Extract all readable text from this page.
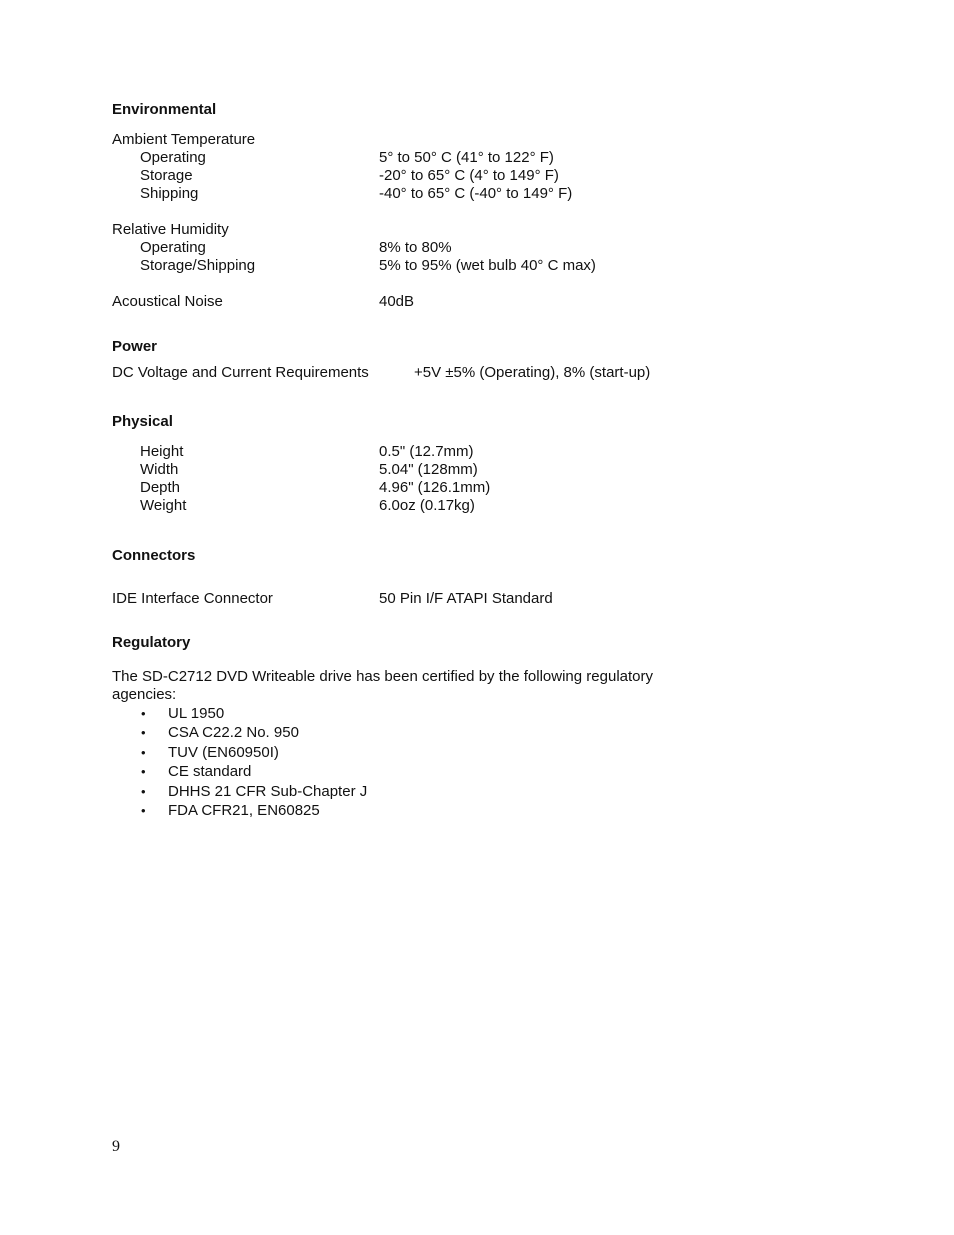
Environmental
Ambient Temperature
Operating	5° to 50° C (41° to 122° F)
Storage	-20° to 65° C (4° to 149° F)
Shipping	-40° to 65° C (-40° to 149° F)
Relative Humidity
Operating	8% to 80%
Storage/Shipping	5% to 95% (wet bulb 40° C max)
Acoustical Noise	40dB
Power
DC Voltage and Current Requirements	+5V ±5% (Operating), 8% (start-up)
Physical
Height	0.5" (12.7mm)
Width	5.04" (128mm)
Depth	4.96" (126.1mm)
Weight	6.0oz (0.17kg)
Connectors
IDE Interface Connector	50 Pin I/F ATAPI Standard
Regulatory
The SD-C2712 DVD Writeable drive has been certified by the following regulatory agencies:
• UL 1950
• CSA C22.2 No. 950
• TUV (EN60950I)
• CE standard
• DHHS 21 CFR Sub-Chapter J
• FDA CFR21, EN60825
9
